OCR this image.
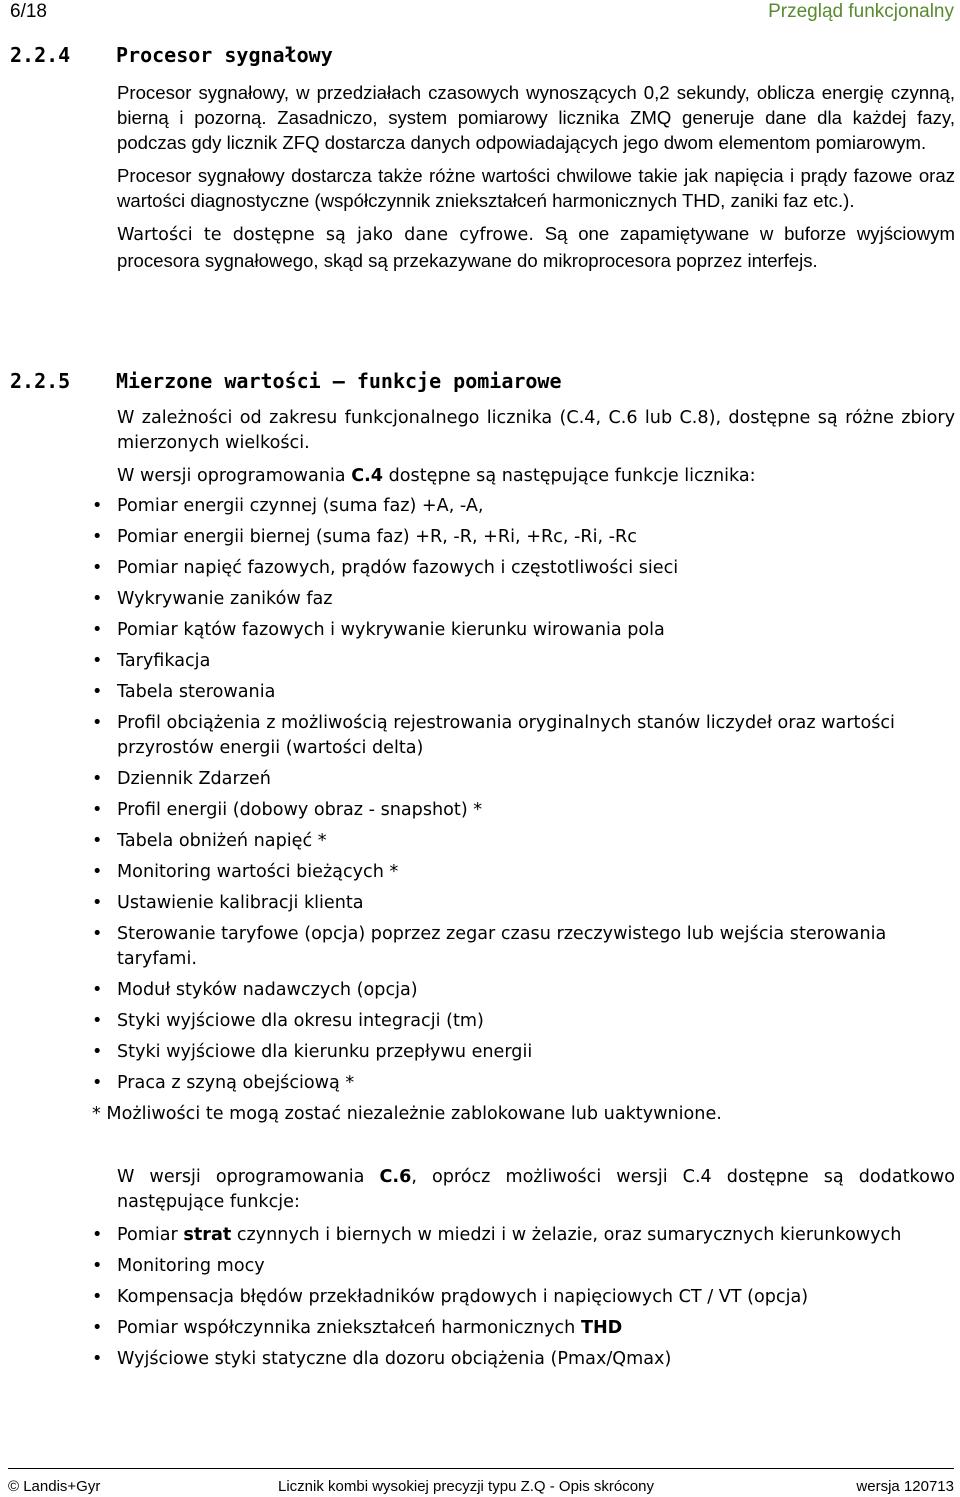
6/18	Przegląd funkcjonalny
2.2.4 Procesor sygnałowy

Procesor sygnałowy, w przedziałach czasowych wynoszących 0,2 sekundy, oblicza energię czynną, bierną i pozorną. Zasadniczo, system pomiarowy licznika ZMQ generuje dane dla każdej fazy, podczas gdy licznik ZFQ dostarcza danych odpowiadających jego dwom elementom pomiarowym.

Procesor sygnałowy dostarcza także różne wartości chwilowe takie jak napięcia i prądy fazowe oraz wartości diagnostyczne (współczynnik zniekształceń harmonicznych THD, zaniki faz etc.).

Wartości te dostępne są jako dane cyfrowe. Są one zapamiętywane w buforze wyjściowym procesora sygnałowego, skąd są przekazywane do mikroprocesora poprzez interfejs.

2.2.5 Mierzone wartości – funkcje pomiarowe

W zależności od zakresu funkcjonalnego licznika (C.4, C.6 lub C.8), dostępne są różne zbiory mierzonych wielkości.

W wersji oprogramowania C.4 dostępne są następujące funkcje licznika:

• Pomiar energii czynnej (suma faz) +A, -A,
• Pomiar energii biernej (suma faz) +R, -R, +Ri, +Rc, -Ri, -Rc
• Pomiar napięć fazowych, prądów fazowych i częstotliwości sieci
• Wykrywanie zaników faz
• Pomiar kątów fazowych i wykrywanie kierunku wirowania pola
• Taryfikacja
• Tabela sterowania
• Profil obciążenia z możliwością rejestrowania oryginalnych stanów liczydeł oraz wartości przyrostów energii (wartości delta)
• Dziennik Zdarzeń
• Profil energii (dobowy obraz - snapshot) *
• Tabela obniżeń napięć *
• Monitoring wartości bieżących *
• Ustawienie kalibracji klienta
• Sterowanie taryfowe (opcja) poprzez zegar czasu rzeczywistego lub wejścia sterowania taryfami.
• Moduł styków nadawczych (opcja)
• Styki wyjściowe dla okresu integracji (tm)
• Styki wyjściowe dla kierunku przepływu energii
• Praca z szyną obejściową *

* Możliwości te mogą zostać niezależnie zablokowane lub uaktywnione.

W wersji oprogramowania C.6, oprócz możliwości wersji C.4 dostępne są dodatkowo następujące funkcje:

• Pomiar strat czynnych i biernych w miedzi i w żelazie, oraz sumarycznych kierunkowych
• Monitoring mocy
• Kompensacja błędów przekładników prądowych i napięciowych CT / VT (opcja)
• Pomiar współczynnika zniekształceń harmonicznych THD
• Wyjściowe styki statyczne dla dozoru obciążenia (Pmax/Qmax)
© Landis+Gyr	Licznik kombi wysokiej precyzji typu Z.Q - Opis skrócony	wersja 120713
